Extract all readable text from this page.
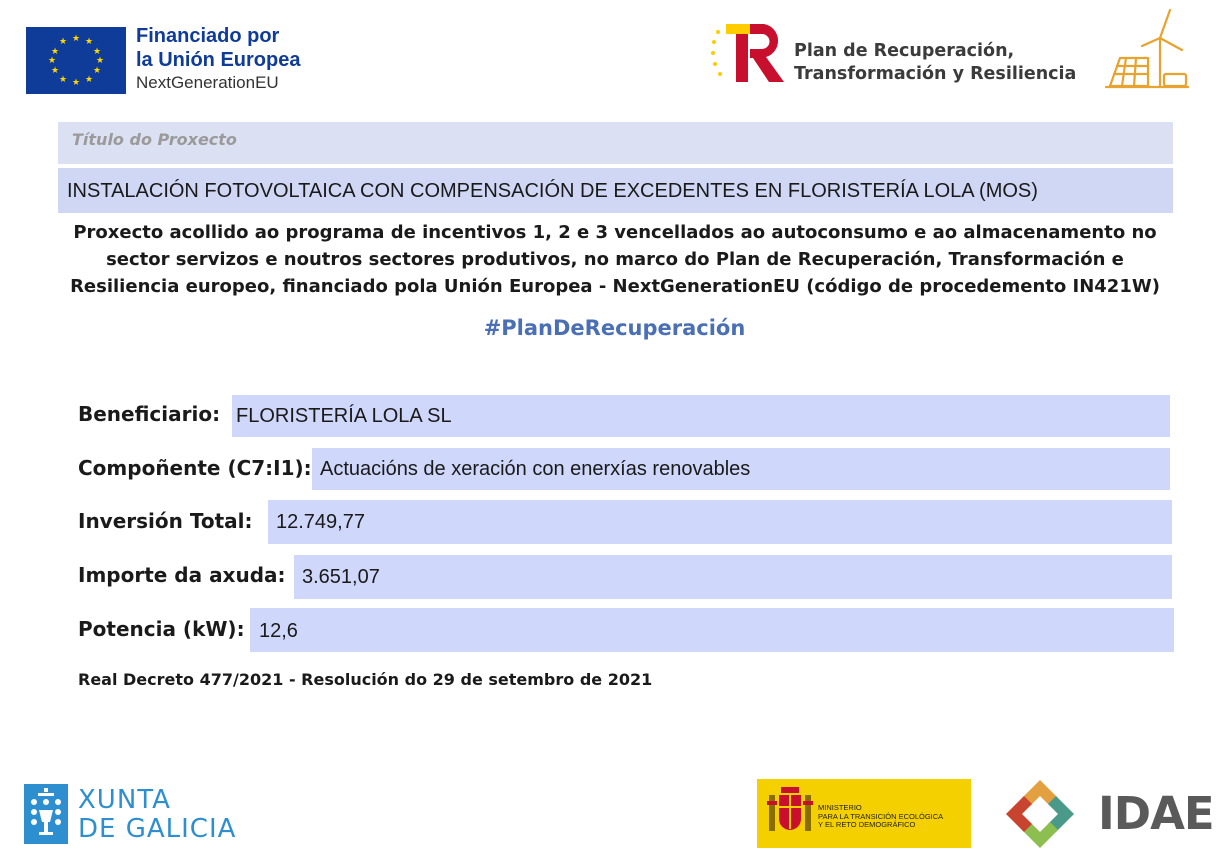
★ ★
★
★
★
★
★
★
★
★
★
★	Financiado por
la Unión Europea
NextGenerationEU
Plan de Recuperación,
Transformación y Resiliencia
Título do Proxecto
INSTALACIÓN FOTOVOLTAICA CON COMPENSACIÓN DE EXCEDENTES EN FLORISTERÍA LOLA (MOS)
Proxecto acollido ao programa de incentivos 1, 2 e 3 vencellados ao autoconsumo e ao almacenamento no
sector servizos e noutros sectores produtivos, no marco do Plan de Recuperación, Transformación e
Resiliencia europeo, financiado pola Unión Europea - NextGenerationEU (código de procedemento IN421W)
#PlanDeRecuperación
Beneficiario: FLORISTERÍA LOLA SL
Compoñente (C7:I1): Actuacións de xeración con enerxías renovables
Inversión Total: 12.749,77
Importe da axuda: 3.651,07
Potencia (kW): 12,6
Real Decreto 477/2021 - Resolución do 29 de setembro de 2021
XUNTA
DE GALICIA
MINISTERIO
PARA LA TRANSICIÓN ECOLÓGICA
Y EL RETO DEMOGRÁFICO	IDAE
